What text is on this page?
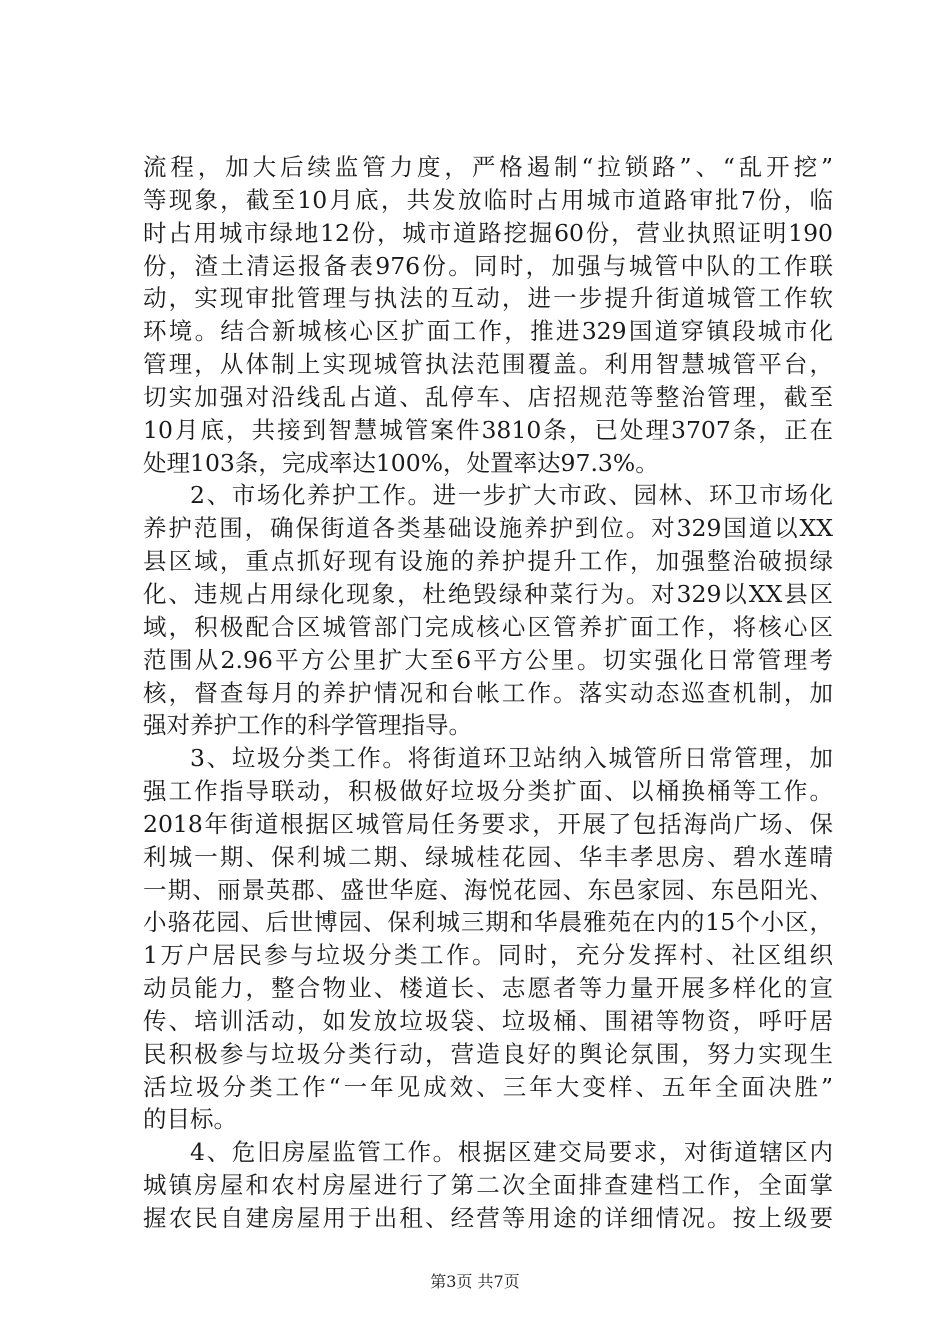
流程，加大后续监管力度，严格遏制“拉锁路”、“乱开挖”
等现象，截至10月底，共发放临时占用城市道路审批7份，临
时占用城市绿地12份，城市道路挖掘60份，营业执照证明190
份，渣土清运报备表976份。同时，加强与城管中队的工作联
动，实现审批管理与执法的互动，进一步提升街道城管工作软
环境。结合新城核心区扩面工作，推进329国道穿镇段城市化
管理，从体制上实现城管执法范围覆盖。利用智慧城管平台，
切实加强对沿线乱占道、乱停车、店招规范等整治管理，截至
10月底，共接到智慧城管案件3810条，已处理3707条，正在
处理103条，完成率达100%，处置率达97.3%。
2、市场化养护工作。进一步扩大市政、园林、环卫市场化
养护范围，确保街道各类基础设施养护到位。对329国道以XX
县区域，重点抓好现有设施的养护提升工作，加强整治破损绿
化、违规占用绿化现象，杜绝毁绿种菜行为。对329以XX县区
域，积极配合区城管部门完成核心区管养扩面工作，将核心区
范围从2.96平方公里扩大至6平方公里。切实强化日常管理考
核，督查每月的养护情况和台帐工作。落实动态巡查机制，加
强对养护工作的科学管理指导。
3、垃圾分类工作。将街道环卫站纳入城管所日常管理，加
强工作指导联动，积极做好垃圾分类扩面、以桶换桶等工作。
2018年街道根据区城管局任务要求，开展了包括海尚广场、保
利城一期、保利城二期、绿城桂花园、华丰孝思房、碧水莲晴
一期、丽景英郡、盛世华庭、海悦花园、东邑家园、东邑阳光、
小骆花园、后世博园、保利城三期和华晨雅苑在内的15个小区，
1万户居民参与垃圾分类工作。同时，充分发挥村、社区组织
动员能力，整合物业、楼道长、志愿者等力量开展多样化的宣
传、培训活动，如发放垃圾袋、垃圾桶、围裙等物资，呼吁居
民积极参与垃圾分类行动，营造良好的舆论氛围，努力实现生
活垃圾分类工作“一年见成效、三年大变样、五年全面决胜”
的目标。
4、危旧房屋监管工作。根据区建交局要求，对街道辖区内
城镇房屋和农村房屋进行了第二次全面排查建档工作，全面掌
握农民自建房屋用于出租、经营等用途的详细情况。按上级要
第3页 共7页
